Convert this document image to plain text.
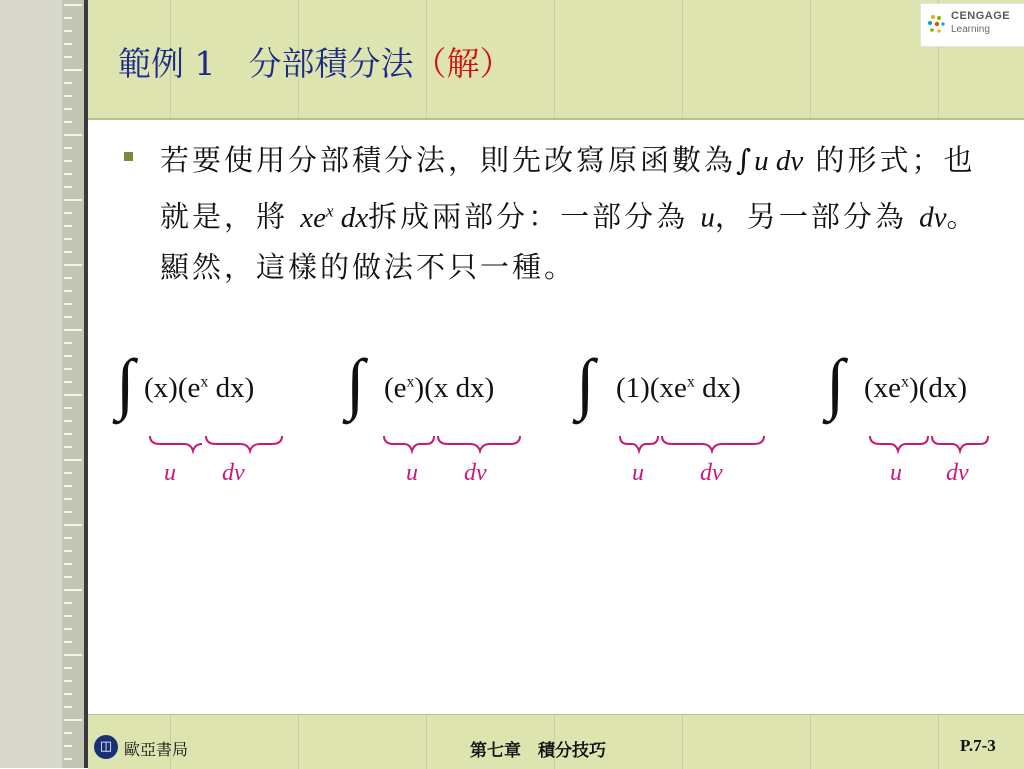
範例 1　分部積分法（解）
CENGAGE
Learning
若要使用分部積分法，則先改寫原函數為∫u dv 的形式；也就是，將 $xe^x$ dx拆成兩部分：一部分為 u，另一部分為 dv。顯然，這樣的做法不只一種。
∫ $(x)(e^x$ dx)
u dv
∫ $(e^x)(x$ dx)
u dv
∫ $(1)(xe^x$ dx)
u dv
∫ $(xe^x)(dx)$
u dv
◫ 歐亞書局	第七章　積分技巧	P.7-3
